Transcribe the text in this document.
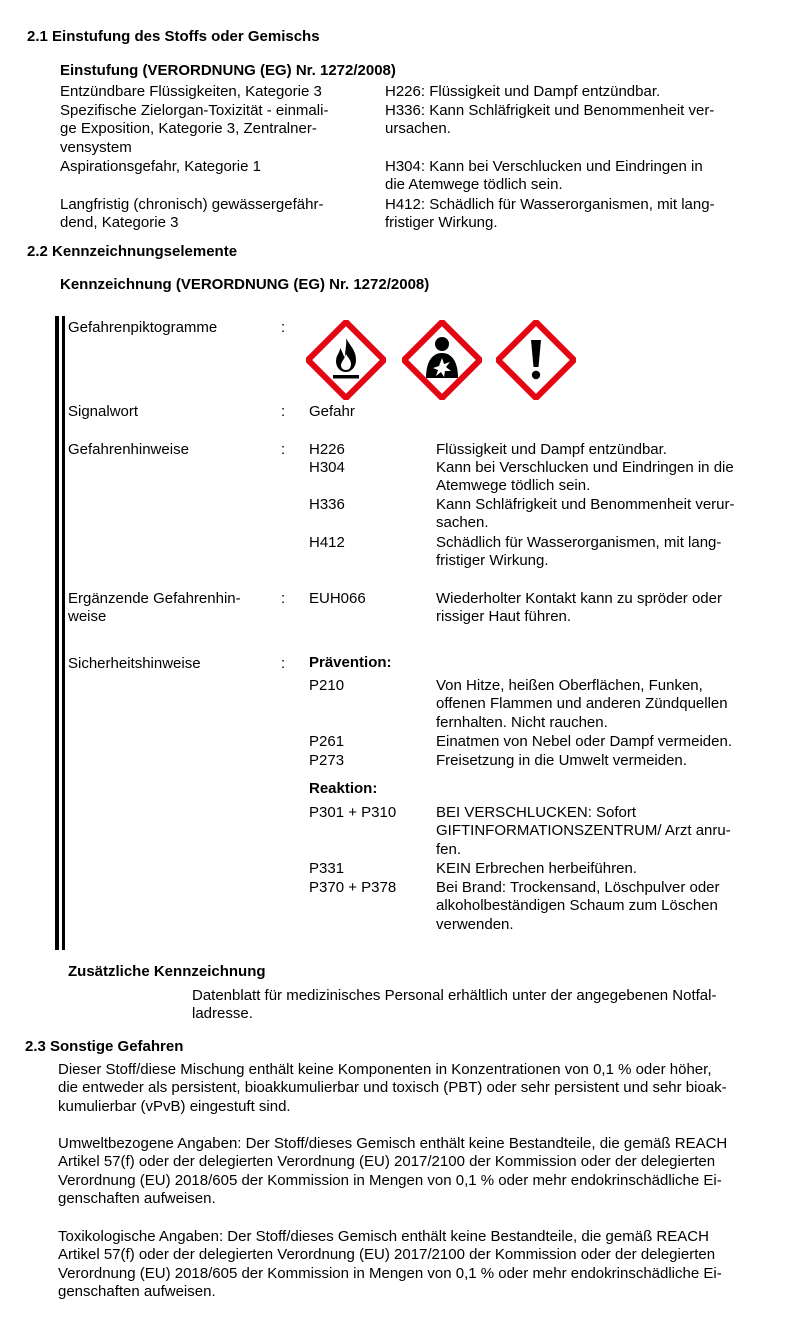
2.1 Einstufung des Stoffs oder Gemischs
Einstufung (VERORDNUNG (EG) Nr. 1272/2008)
Entzündbare Flüssigkeiten, Kategorie 3	H226: Flüssigkeit und Dampf entzündbar.
Spezifische Zielorgan-Toxizität - einmali-
ge Exposition, Kategorie 3, Zentralner-
vensystem
H336: Kann Schläfrigkeit und Benommenheit ver-
ursachen.
Aspirationsgefahr, Kategorie 1	H304: Kann bei Verschlucken und Eindringen in
die Atemwege tödlich sein.
Langfristig (chronisch) gewässergefähr-
dend, Kategorie 3
H412: Schädlich für Wasserorganismen, mit lang-
fristiger Wirkung.
2.2 Kennzeichnungselemente
Kennzeichnung (VERORDNUNG (EG) Nr. 1272/2008)
Gefahrenpiktogramme	:
Signalwort	: Gefahr
Gefahrenhinweise	: H226	Flüssigkeit und Dampf entzündbar.
H304	Kann bei Verschlucken und Eindringen in die
Atemwege tödlich sein.
H336	Kann Schläfrigkeit und Benommenheit verur-
sachen.
H412	Schädlich für Wasserorganismen, mit lang-
fristiger Wirkung.
Ergänzende Gefahrenhin-
weise
: EUH066	Wiederholter Kontakt kann zu spröder oder
rissiger Haut führen.
Sicherheitshinweise	: Prävention:
P210	Von Hitze, heißen Oberflächen, Funken,
offenen Flammen und anderen Zündquellen
fernhalten. Nicht rauchen.
P261	Einatmen von Nebel oder Dampf vermeiden.
P273	Freisetzung in die Umwelt vermeiden.
Reaktion:
P301 + P310	BEI VERSCHLUCKEN: Sofort
GIFTINFORMATIONSZENTRUM/ Arzt anru-
fen.
P331	KEIN Erbrechen herbeiführen.
P370 + P378	Bei Brand: Trockensand, Löschpulver oder
alkoholbeständigen Schaum zum Löschen
verwenden.
Zusätzliche Kennzeichnung
Datenblatt für medizinisches Personal erhältlich unter der angegebenen Notfal-
ladresse.
2.3 Sonstige Gefahren
Dieser Stoff/diese Mischung enthält keine Komponenten in Konzentrationen von 0,1 % oder höher,
die entweder als persistent, bioakkumulierbar und toxisch (PBT) oder sehr persistent und sehr bioak-
kumulierbar (vPvB) eingestuft sind.
Umweltbezogene Angaben: Der Stoff/dieses Gemisch enthält keine Bestandteile, die gemäß REACH
Artikel 57(f) oder der delegierten Verordnung (EU) 2017/2100 der Kommission oder der delegierten
Verordnung (EU) 2018/605 der Kommission in Mengen von 0,1 % oder mehr endokrinschädliche Ei-
genschaften aufweisen.
Toxikologische Angaben: Der Stoff/dieses Gemisch enthält keine Bestandteile, die gemäß REACH
Artikel 57(f) oder der delegierten Verordnung (EU) 2017/2100 der Kommission oder der delegierten
Verordnung (EU) 2018/605 der Kommission in Mengen von 0,1 % oder mehr endokrinschädliche Ei-
genschaften aufweisen.
